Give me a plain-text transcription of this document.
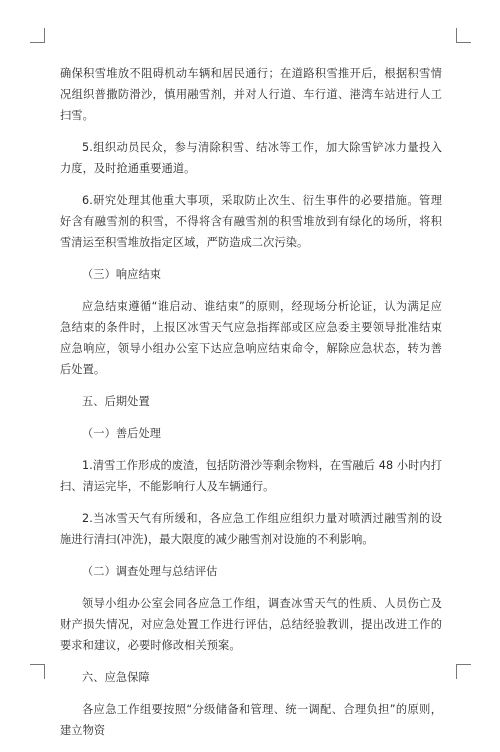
确保积雪堆放不阻碍机动车辆和居民通行；在道路积雪推开后，根据积雪情况组织普撒防滑沙，慎用融雪剂，并对人行道、车行道、港湾车站进行人工扫雪。

5.组织动员民众，参与清除积雪、结冰等工作，加大除雪铲冰力量投入力度，及时抢通重要通道。

6.研究处理其他重大事项，采取防止次生、衍生事件的必要措施。管理好含有融雪剂的积雪，不得将含有融雪剂的积雪堆放到有绿化的场所，将积雪清运至积雪堆放指定区域，严防造成二次污染。

（三）响应结束

应急结束遵循“谁启动、谁结束”的原则，经现场分析论证，认为满足应急结束的条件时，上报区冰雪天气应急指挥部或区应急委主要领导批准结束应急响应，领导小组办公室下达应急响应结束命令，解除应急状态，转为善后处置。

五、后期处置

（一）善后处理

1.清雪工作形成的废渣，包括防滑沙等剩余物料，在雪融后 48 小时内打扫、清运完毕，不能影响行人及车辆通行。

2.当冰雪天气有所缓和，各应急工作组应组织力量对喷洒过融雪剂的设施进行清扫(冲洗)，最大限度的减少融雪剂对设施的不利影响。

（二）调查处理与总结评估

领导小组办公室会同各应急工作组，调查冰雪天气的性质、人员伤亡及财产损失情况，对应急处置工作进行评估，总结经验教训，提出改进工作的要求和建议，必要时修改相关预案。

六、应急保障

各应急工作组要按照“分级储备和管理、统一调配、合理负担”的原则，建立物资
